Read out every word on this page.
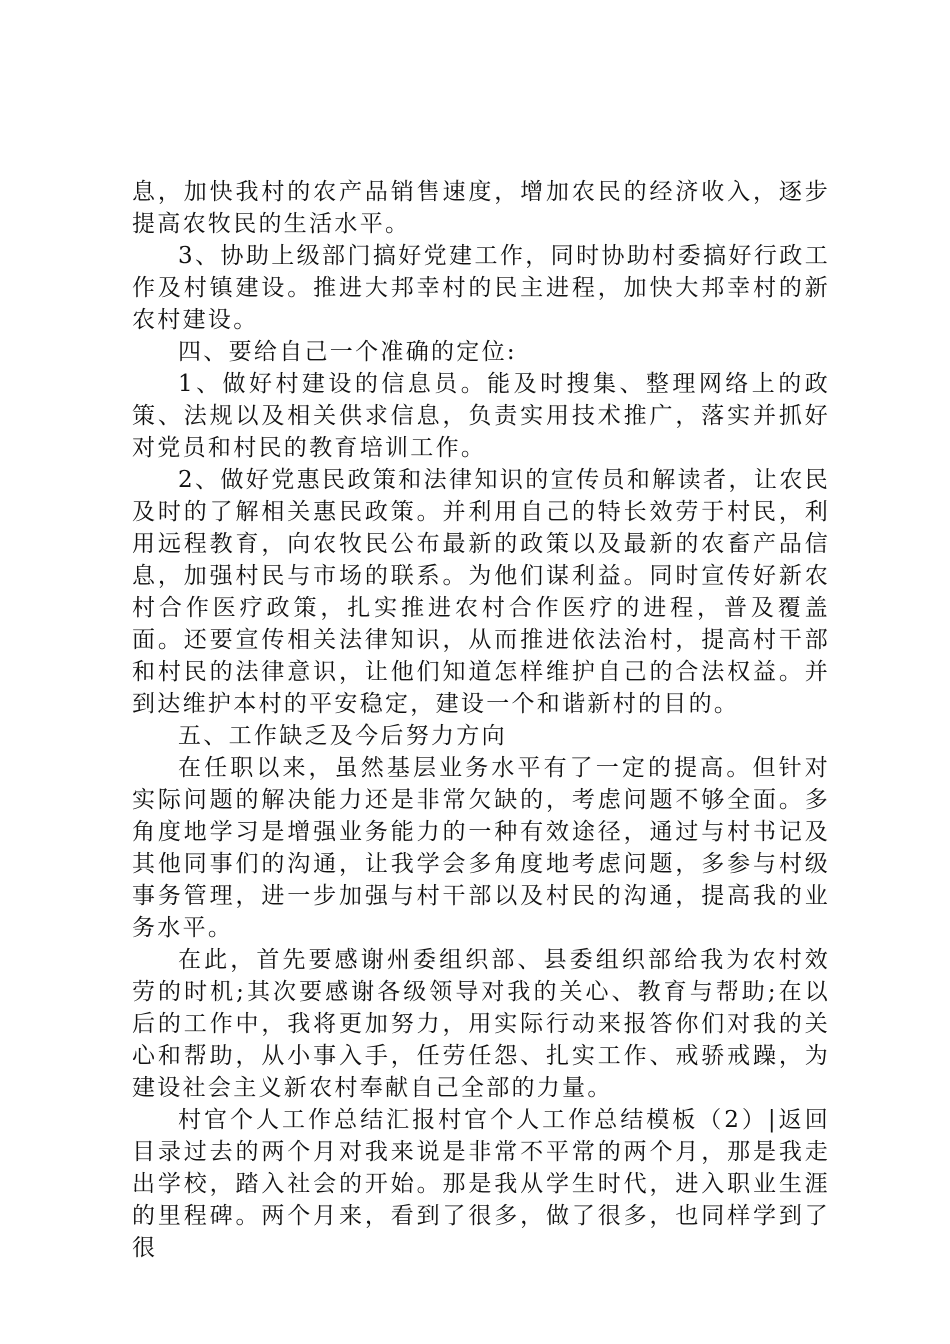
息，加快我村的农产品销售速度，增加农民的经济收入，逐步提高农牧民的生活水平。

3、协助上级部门搞好党建工作，同时协助村委搞好行政工作及村镇建设。推进大邦幸村的民主进程，加快大邦幸村的新农村建设。

四、要给自己一个准确的定位:

1、做好村建设的信息员。能及时搜集、整理网络上的政策、法规以及相关供求信息，负责实用技术推广，落实并抓好对党员和村民的教育培训工作。

2、做好党惠民政策和法律知识的宣传员和解读者，让农民及时的了解相关惠民政策。并利用自己的特长效劳于村民，利用远程教育，向农牧民公布最新的政策以及最新的农畜产品信息，加强村民与市场的联系。为他们谋利益。同时宣传好新农村合作医疗政策，扎实推进农村合作医疗的进程，普及覆盖面。还要宣传相关法律知识，从而推进依法治村，提高村干部和村民的法律意识，让他们知道怎样维护自己的合法权益。并到达维护本村的平安稳定，建设一个和谐新村的目的。

五、工作缺乏及今后努力方向

在任职以来，虽然基层业务水平有了一定的提高。但针对实际问题的解决能力还是非常欠缺的，考虑问题不够全面。多角度地学习是增强业务能力的一种有效途径，通过与村书记及其他同事们的沟通，让我学会多角度地考虑问题，多参与村级事务管理，进一步加强与村干部以及村民的沟通，提高我的业务水平。

在此，首先要感谢州委组织部、县委组织部给我为农村效劳的时机;其次要感谢各级领导对我的关心、教育与帮助;在以后的工作中，我将更加努力，用实际行动来报答你们对我的关心和帮助，从小事入手，任劳任怨、扎实工作、戒骄戒躁，为建设社会主义新农村奉献自己全部的力量。

村官个人工作总结汇报村官个人工作总结模板（2）|返回目录过去的两个月对我来说是非常不平常的两个月，那是我走出学校，踏入社会的开始。那是我从学生时代，进入职业生涯的里程碑。两个月来，看到了很多，做了很多，也同样学到了很
